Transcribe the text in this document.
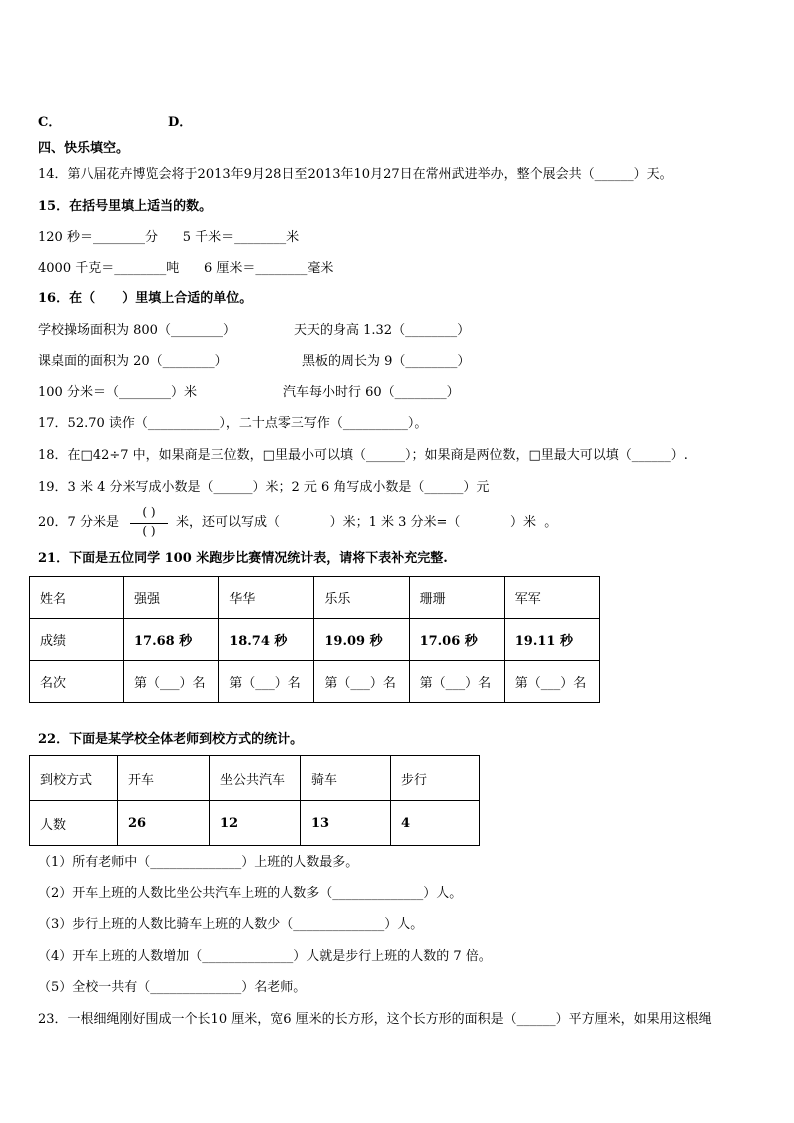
C．	D．
四、快乐填空。
14．第八届花卉博览会将于2013年9月28日至2013年10月27日在常州武进举办，整个展会共（______）天。
15．在括号里填上适当的数。
120 秒＝________分      5 千米＝________米
4000 千克＝________吨      6 厘米＝________毫米
16．在（      ）里填上合适的单位。
学校操场面积为 800（________）	天天的身高 1.32（________）
课桌面的面积为 20（________）	黑板的周长为 9（________）
100 分米＝（________）米	汽车每小时行 60（________）
17．52.70 读作（___________），二十点零三写作（__________）。
18．在□42÷7 中，如果商是三位数，□里最小可以填（______）；如果商是两位数，□里最大可以填（______）.
19．3 米 4 分米写成小数是（______）米；2 元 6 角写成小数是（______）元
20．7 分米是
( )
( )
米，还可以写成（            ）米；1 米 3 分米=（            ）米  。
21．下面是五位同学 100 米跑步比赛情况统计表，请将下表补充完整.
姓名	强强	华华	乐乐	珊珊	军军
成绩	17.68 秒	18.74 秒	19.09 秒	17.06 秒	19.11 秒
名次	第（___）名	第（___）名	第（___）名	第（___）名	第（___）名
22．下面是某学校全体老师到校方式的统计。
到校方式	开车	坐公共汽车	骑车	步行
人数	26	12	13	4
（1）所有老师中（______________）上班的人数最多。
（2）开车上班的人数比坐公共汽车上班的人数多（______________）人。
（3）步行上班的人数比骑车上班的人数少（______________）人。
（4）开车上班的人数增加（______________）人就是步行上班的人数的 7 倍。
（5）全校一共有（______________）名老师。
23．一根细绳刚好围成一个长10 厘米，宽6 厘米的长方形，这个长方形的面积是（______）平方厘米，如果用这根绳
